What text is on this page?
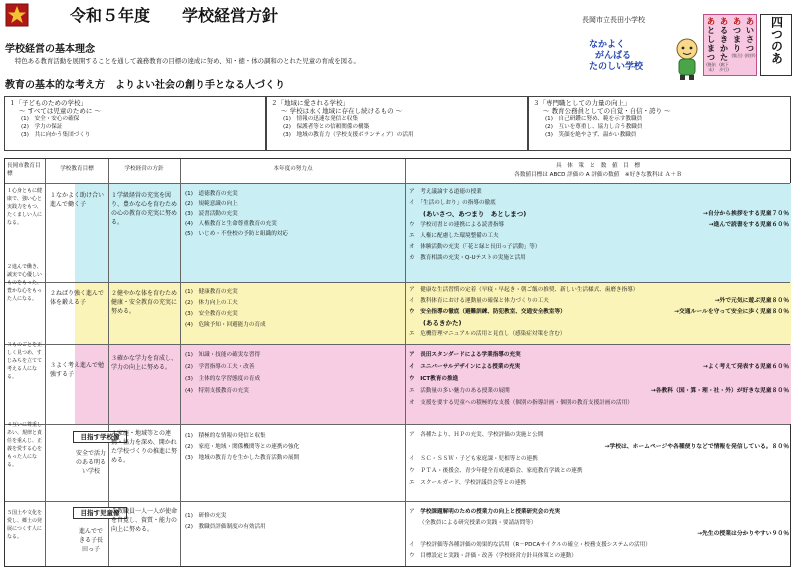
令和５年度　　学校経営方針	長岡市立長田小学校
なかよく
がんばる
たのしい学校
あ
い
さ
つ
(挨拶)
あ
つ
ま
り
(集合)
あ
る
き
か
た
(廊下歩行)
あ
と
し
ま
つ
(後始末)
四つのあ
学校経営の基本理念
特色ある教育活動を展開することを通して義務教育の目標の達成に努め、知・徳・体の調和のとれた児童の育成を図る。
教育の基本的な考え方　よりよい社会の創り手となる人づくり
１「子どものための学校」
～ すべては児童のために ～
(1)　安全・安心の確保
(2)　学力の保証
(3)　共に向かう集団づくり
２「地域に愛される学校」
～ 学校は永く地域に存在し続けるもの ～
(1)　情報の迅速な発信と収集
(2)　保護者等との信頼関係の構築
(3)　地域の教育力（学校支援ボランティア）の活用
３「専門職としての力量の向上」
～ 教育公務員としての自覚・自信・誇り ～
(1)　自己研鑽に努め、範を示す教職員
(2)　互いを尊重し、協力し合う教職員
(3)　笑顔を絶やさず、温かい教職員
長岡市教育目標
学校教育目標	学校経営の方針	本年度の努力点	具　体　策　と　数　値　目　標
各数値目標は ABCD 評価の A 評価の数値　※好きな教科は Ａ＋Ｂ
１心身ともに健康で、強い心と実践力をもつ、たくましい人になる。
１なかよく助け合い進んで働く子
１学級経営の充実を図り、豊かな心を育むための心の教育の充実に努める。
(1)　道徳教育の充実
(2)　規範意識の向上
(3)　読書活動の充実
(4)　人権教育と生命尊重教育の充実
(5)　いじめ・不登校の予防と組織的対応
ア　 考え議論する道徳の授業
イ　 「生活のしおり」の指導の徹底
(あいさつ、あつまり　あとしまつ)	→自分から挨拶をする児童７０％
ウ　 学校司書との連携による読書指導	→進んで読書をする児童６０％
エ　 人権に配慮した環境整備の工夫
オ　 体験活動の充実（「花と緑と長田っ子活動」等）
カ　 教育相談の充実・Q-Uテストの実施と活用
２進んで働き、誠実で心優しいものをもった、豊かな心をもった人になる。
２ねばり強く進んで体を鍛える子
２健やかな体を育むため健康・安全教育の充実に努める。
(1)　健康教育の充実
(2)　体力向上の工夫
(3)　安全教育の充実
(4)　危険予知・回避能力の育成
ア　 健康な生活習慣の定着（早寝・早起き・朝ご飯の推奨、新しい生活様式、歯磨き指導）
イ　 教科体育における運動量の確保と体力づくりの工夫	→外で元気に遊ぶ児童８０％
ウ　 安全指導の徹底（避難訓練、防犯教室、交通安全教室等）	→交通ルールを守って安全に歩く児童８０％
(あるきかた)
エ　 危機管理マニュアルの活用と見直し（感染症対策を含む）
３ものごとを正しく見つめ、すじみちを立てて考える人になる。
３よく考え進んで勉強する子
３確かな学力を育成し、学力の向上に努める。
(1)　知識・技能の確実な習得
(2)　学習指導の工夫・改善
(3)　主体的な学習態度の育成
(4)　特別支援教育の充実
ア　 長田スタンダードによる学業指導の充実
イ　 ユニバーサルデザインによる授業の充実	→よく考えて発表する児童６０％
ウ　 ICT教育の推進
エ　 活動量の多い魅力のある授業の展開	→各教科（国・算・理・社・外）が好きな児童８０％
オ　 支援を要する児童への積極的な支援（個別の指導計画・個別の教育支援計画の活用）
４互いに尊重しあい、規律と責任を重んじ、正義を愛する心をもった人になる。
目指す学校像
安全で活力のある明るい学校
４家庭・地域等との連携・協力を深め、開かれた学校づくりの推進に努める。
(1)　積極的な情報の発信と収集
(2)　家庭・地域・関係機関等との連携の強化
(3)　地域の教育力を生かした教育活動の展開
ア　 各種たより、ＨＰの充実、学校評価の実施と公開
→学校は、ホームページや各種便りなどで情報を発信している。８０％
イ　 ＳＣ・ＳＳＷ・子ども家庭課・児相等との連携
ウ　 ＰＴＡ・後援会、青少年健全育成連絡会、家庭教育学級との連携
エ　 スクールガード、学校評議員会等との連携
５国土や文化を愛し、郷土の発展につくす人になる。
目指す児童像
進んでできる子長田っ子
５教職員一人一人が使命を自覚し、資質・能力の向上に努める。
(1)　研修の充実
(2)　教職員評価制度の有効活用
ア　 学校課題解明のための授業力の向上と授業研究会の充実
（全教員による研究授業の実践・要請訪問等）
→先生の授業は分かりやすい９０％
イ　 学校評価等各種評価の効果的な活用（R－PDCAサイクルの確立・校務支援システムの活用）
ウ　 目標設定と実践・評価・改善（学校経営方針具体策との連動）
